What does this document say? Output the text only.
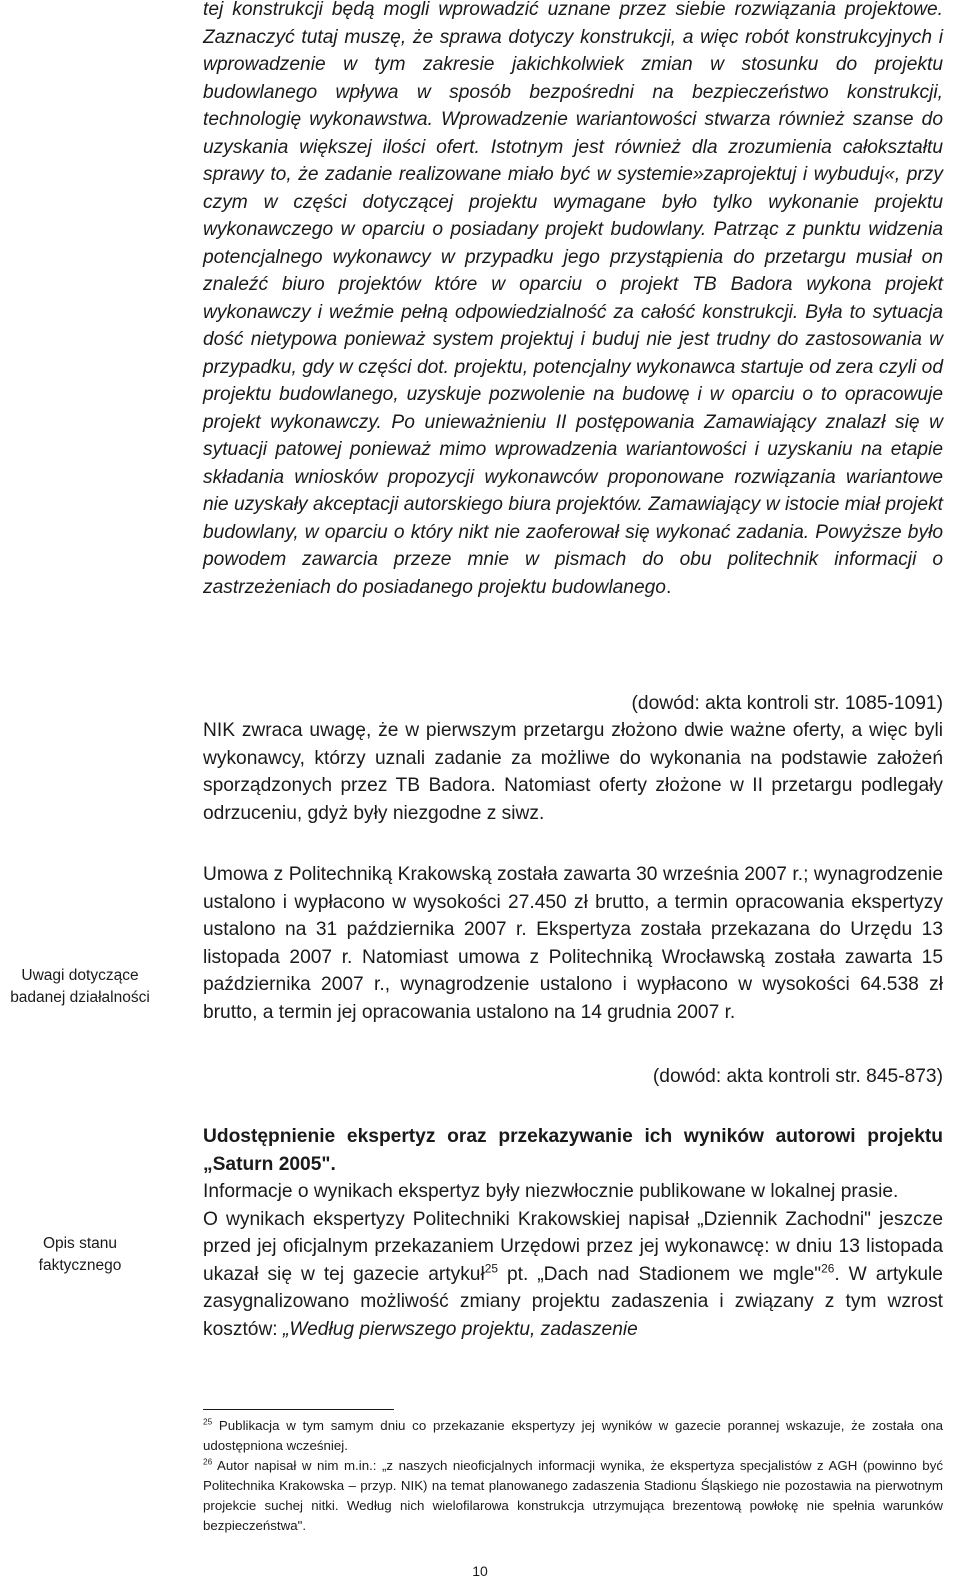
tej konstrukcji będą mogli wprowadzić uznane przez siebie rozwiązania projektowe. Zaznaczyć tutaj muszę, że sprawa dotyczy konstrukcji, a więc robót konstrukcyjnych i wprowadzenie w tym zakresie jakichkolwiek zmian w stosunku do projektu budowlanego wpływa w sposób bezpośredni na bezpieczeństwo konstrukcji, technologię wykonawstwa. Wprowadzenie wariantowości stwarza również szanse do uzyskania większej ilości ofert. Istotnym jest również dla zrozumienia całokształtu sprawy to, że zadanie realizowane miało być w systemie»zaprojektuj i wybuduj«, przy czym w części dotyczącej projektu wymagane było tylko wykonanie projektu wykonawczego w oparciu o posiadany projekt budowlany. Patrząc z punktu widzenia potencjalnego wykonawcy w przypadku jego przystąpienia do przetargu musiał on znaleźć biuro projektów które w oparciu o projekt TB Badora wykona projekt wykonawczy i weźmie pełną odpowiedzialność za całość konstrukcji. Była to sytuacja dość nietypowa ponieważ system projektuj i buduj nie jest trudny do zastosowania w przypadku, gdy w części dot. projektu, potencjalny wykonawca startuje od zera czyli od projektu budowlanego, uzyskuje pozwolenie na budowę i w oparciu o to opracowuje projekt wykonawczy. Po unieważnieniu II postępowania Zamawiający znalazł się w sytuacji patowej ponieważ mimo wprowadzenia wariantowości i uzyskaniu na etapie składania wniosków propozycji wykonawców proponowane rozwiązania wariantowe nie uzyskały akceptacji autorskiego biura projektów. Zamawiający w istocie miał projekt budowlany, w oparciu o który nikt nie zaoferował się wykonać zadania. Powyższe było powodem zawarcia przeze mnie w pismach do obu politechnik informacji o zastrzeżeniach do posiadanego projektu budowlanego.
(dowód: akta kontroli str. 1085-1091)
Uwagi dotyczące badanej działalności
NIK zwraca uwagę, że w pierwszym przetargu złożono dwie ważne oferty, a więc byli wykonawcy, którzy uznali zadanie za możliwe do wykonania na podstawie założeń sporządzonych przez TB Badora. Natomiast oferty złożone w II przetargu podlegały odrzuceniu, gdyż były niezgodne z siwz.
Umowa z Politechniką Krakowską została zawarta 30 września 2007 r.; wynagrodzenie ustalono i wypłacono w wysokości 27.450 zł brutto, a termin opracowania ekspertyzy ustalono na 31 października 2007 r. Ekspertyza została przekazana do Urzędu 13 listopada 2007 r. Natomiast umowa z Politechniką Wrocławską została zawarta 15 października 2007 r., wynagrodzenie ustalono i wypłacono w wysokości 64.538 zł brutto, a termin jej opracowania ustalono na 14 grudnia 2007 r.
(dowód: akta kontroli str. 845-873)
Opis stanu faktycznego
Udostępnienie ekspertyz oraz przekazywanie ich wyników autorowi projektu „Saturn 2005".
Informacje o wynikach ekspertyz były niezwłocznie publikowane w lokalnej prasie.
O wynikach ekspertyzy Politechniki Krakowskiej napisał „Dziennik Zachodni" jeszcze przed jej oficjalnym przekazaniem Urzędowi przez jej wykonawcę: w dniu 13 listopada ukazał się w tej gazecie artykuł$^{25}$ pt. „Dach nad Stadionem we mgle"$^{26}$. W artykule zasygnalizowano możliwość zmiany projektu zadaszenia i związany z tym wzrost kosztów: „Według pierwszego projektu, zadaszenie

$^{25}$ Publikacja w tym samym dniu co przekazanie ekspertyzy jej wyników w gazecie porannej wskazuje, że została ona udostępniona wcześniej.

$^{26}$ Autor napisał w nim m.in.: „z naszych nieoficjalnych informacji wynika, że ekspertyza specjalistów z AGH (powinno być Politechnika Krakowska – przyp. NIK) na temat planowanego zadaszenia Stadionu Śląskiego nie pozostawia na pierwotnym projekcie suchej nitki. Według nich wielofilarowa konstrukcja utrzymująca brezentową powłokę nie spełnia warunków bezpieczeństwa".

10
